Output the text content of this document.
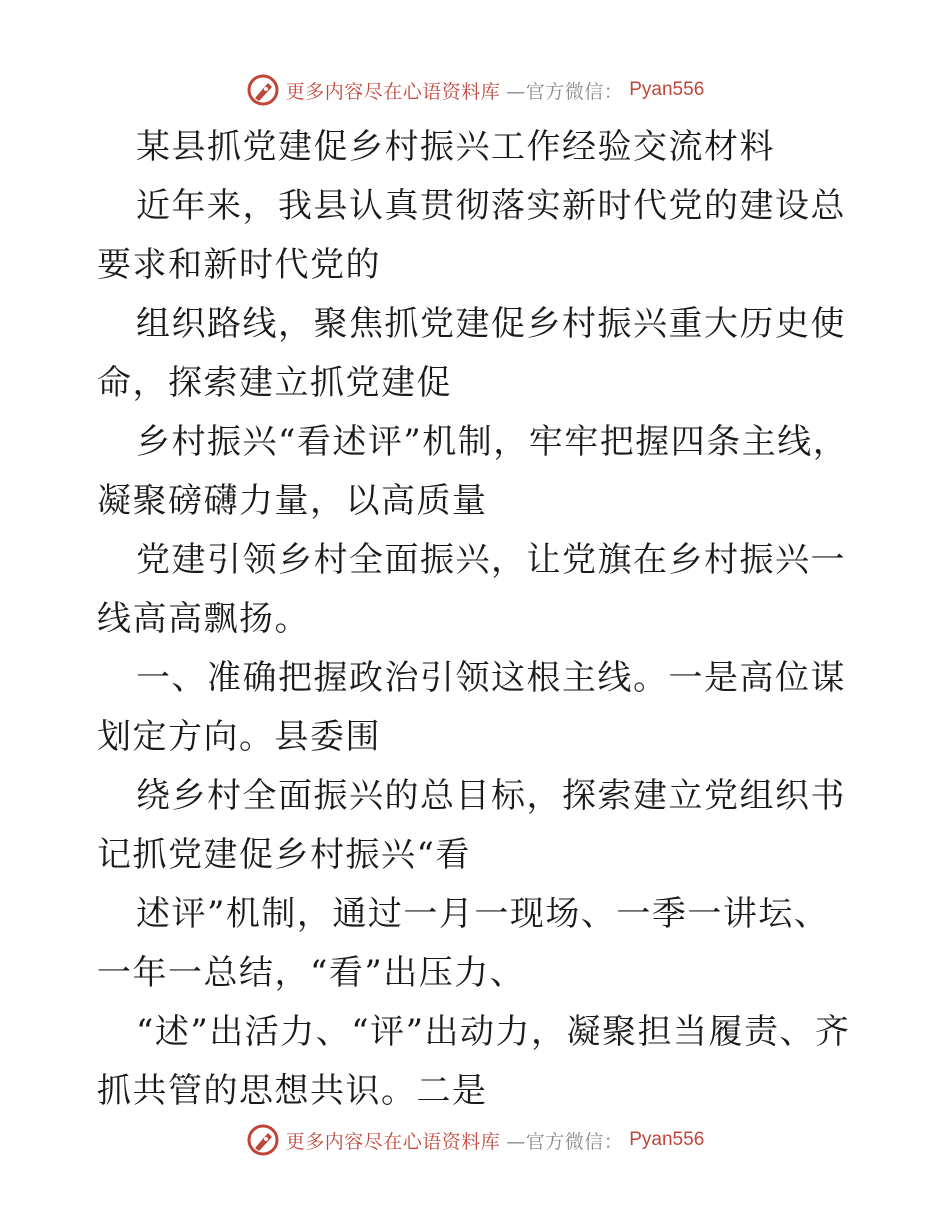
更多内容尽在心语资料库 —官方微信： Pyan556

某县抓党建促乡村振兴工作经验交流材料

近年来，我县认真贯彻落实新时代党的建设总要求和新时代党的

组织路线，聚焦抓党建促乡村振兴重大历史使命，探索建立抓党建促

乡村振兴“看述评”机制，牢牢把握四条主线，凝聚磅礴力量，以高质量

党建引领乡村全面振兴，让党旗在乡村振兴一线高高飘扬。

一、准确把握政治引领这根主线。一是高位谋划定方向。县委围

绕乡村全面振兴的总目标，探索建立党组织书记抓党建促乡村振兴“看

述评”机制，通过一月一现场、一季一讲坛、一年一总结，“看”出压力、

“述”出活力、“评”出动力，凝聚担当履责、齐抓共管的思想共识。二是

更多内容尽在心语资料库 —官方微信： Pyan556
